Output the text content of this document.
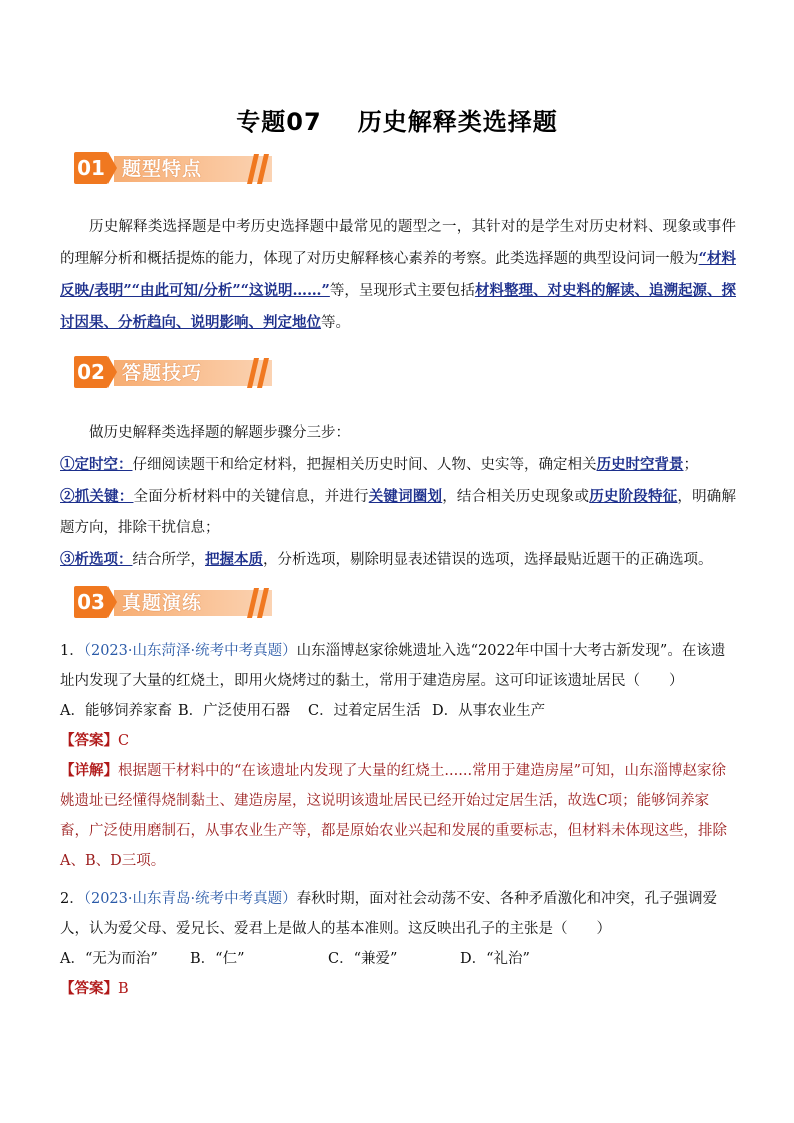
专题07 历史解释类选择题
01 题型特点
历史解释类选择题是中考历史选择题中最常见的题型之一，其针对的是学生对历史材料、现象或事件的理解分析和概括提炼的能力，体现了对历史解释核心素养的考察。此类选择题的典型设问词一般为“材料反映/表明”“由此可知/分析”“这说明……”等，呈现形式主要包括材料整理、对史料的解读、追溯起源、探讨因果、分析趋向、说明影响、判定地位等。
02 答题技巧
做历史解释类选择题的解题步骤分三步：
①定时空：仔细阅读题干和给定材料，把握相关历史时间、人物、史实等，确定相关历史时空背景；
②抓关键：全面分析材料中的关键信息，并进行关键词圈划，结合相关历史现象或历史阶段特征，明确解题方向，排除干扰信息；
③析选项：结合所学，把握本质，分析选项，剔除明显表述错误的选项，选择最贴近题干的正确选项。
03 真题演练
1．（2023·山东菏泽·统考中考真题）山东淄博赵家徐姚遗址入选“2022年中国十大考古新发现”。在该遗址内发现了大量的红烧土，即用火烧烤过的黏土，常用于建造房屋。这可印证该遗址居民（　　）
A．能够饲养家畜 B．广泛使用石器 C．过着定居生活 D．从事农业生产
【答案】C
【详解】根据题干材料中的“在该遗址内发现了大量的红烧土......常用于建造房屋”可知，山东淄博赵家徐姚遗址已经懂得烧制黏土、建造房屋，这说明该遗址居民已经开始过定居生活，故选C项；能够饲养家畜，广泛使用磨制石，从事农业生产等，都是原始农业兴起和发展的重要标志，但材料未体现这些，排除A、B、D三项。
2．（2023·山东青岛·统考中考真题）春秋时期，面对社会动荡不安、各种矛盾激化和冲突，孔子强调爱人，认为爱父母、爱兄长、爱君上是做人的基本准则。这反映出孔子的主张是（　　）
A．“无为而治” B．“仁”	C．“兼爱”	D．“礼治”
【答案】B
